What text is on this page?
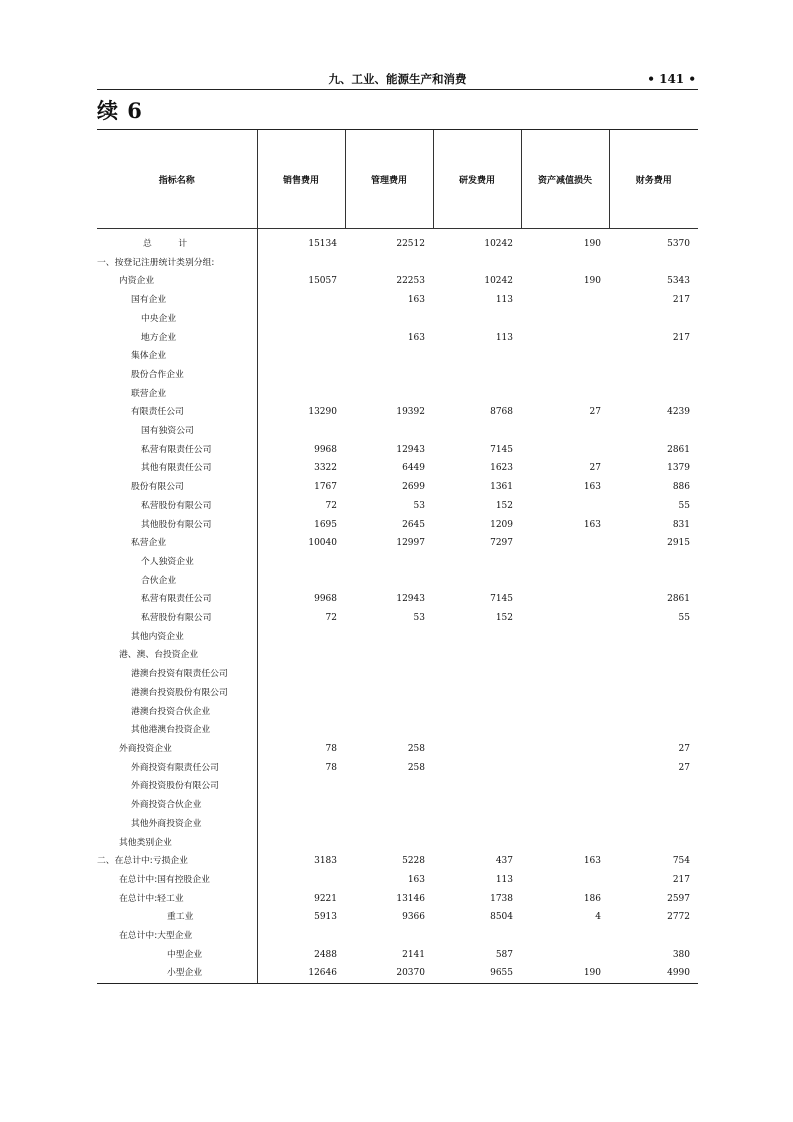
九、工业、能源生产和消费	• 141 •
续 6
指标名称	销售费用	管理费用	研发费用	资产减值损失	财务费用

总　　　计	15134	22512	10242	190	5370
一、按登记注册统计类别分组:					
内资企业	15057	22253	10242	190	5343
国有企业		163	113		217
中央企业					
地方企业		163	113		217
集体企业					
股份合作企业					
联营企业					
有限责任公司	13290	19392	8768	27	4239
国有独资公司					
私营有限责任公司	9968	12943	7145		2861
其他有限责任公司	3322	6449	1623	27	1379
股份有限公司	1767	2699	1361	163	886
私营股份有限公司	72	53	152		55
其他股份有限公司	1695	2645	1209	163	831
私营企业	10040	12997	7297		2915
个人独资企业					
合伙企业					
私营有限责任公司	9968	12943	7145		2861
私营股份有限公司	72	53	152		55
其他内资企业					
港、澳、台投资企业					
港澳台投资有限责任公司					
港澳台投资股份有限公司					
港澳台投资合伙企业					
其他港澳台投资企业					
外商投资企业	78	258			27
外商投资有限责任公司	78	258			27
外商投资股份有限公司					
外商投资合伙企业					
其他外商投资企业					
其他类别企业					
二、在总计中:亏损企业	3183	5228	437	163	754
在总计中:国有控股企业		163	113		217
在总计中:轻工业	9221	13146	1738	186	2597
重工业	5913	9366	8504	4	2772
在总计中:大型企业					
中型企业	2488	2141	587		380
小型企业	12646	20370	9655	190	4990
